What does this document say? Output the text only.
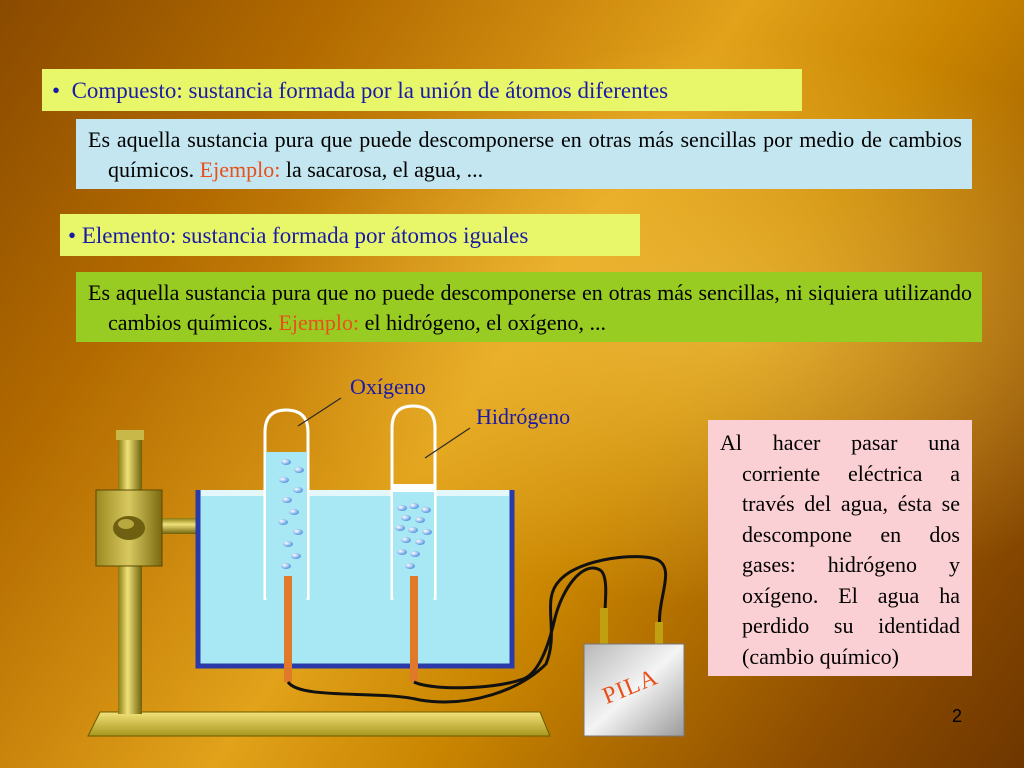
• Compuesto: sustancia formada por la unión de átomos diferentes
Es aquella sustancia pura que puede descomponerse en otras más sencillas por medio de cambios químicos. Ejemplo: la sacarosa, el agua, ...
• Elemento: sustancia formada por átomos iguales
Es aquella sustancia pura que no puede descomponerse en otras más sencillas, ni siquiera utilizando cambios químicos. Ejemplo: el hidrógeno, el oxígeno, ...
Oxígeno
Hidrógeno
PILA
Al hacer pasar una corriente eléctrica a través del agua, ésta se descompone en dos gases: hidrógeno y oxígeno. El agua ha perdido su identidad (cambio químico)
2
